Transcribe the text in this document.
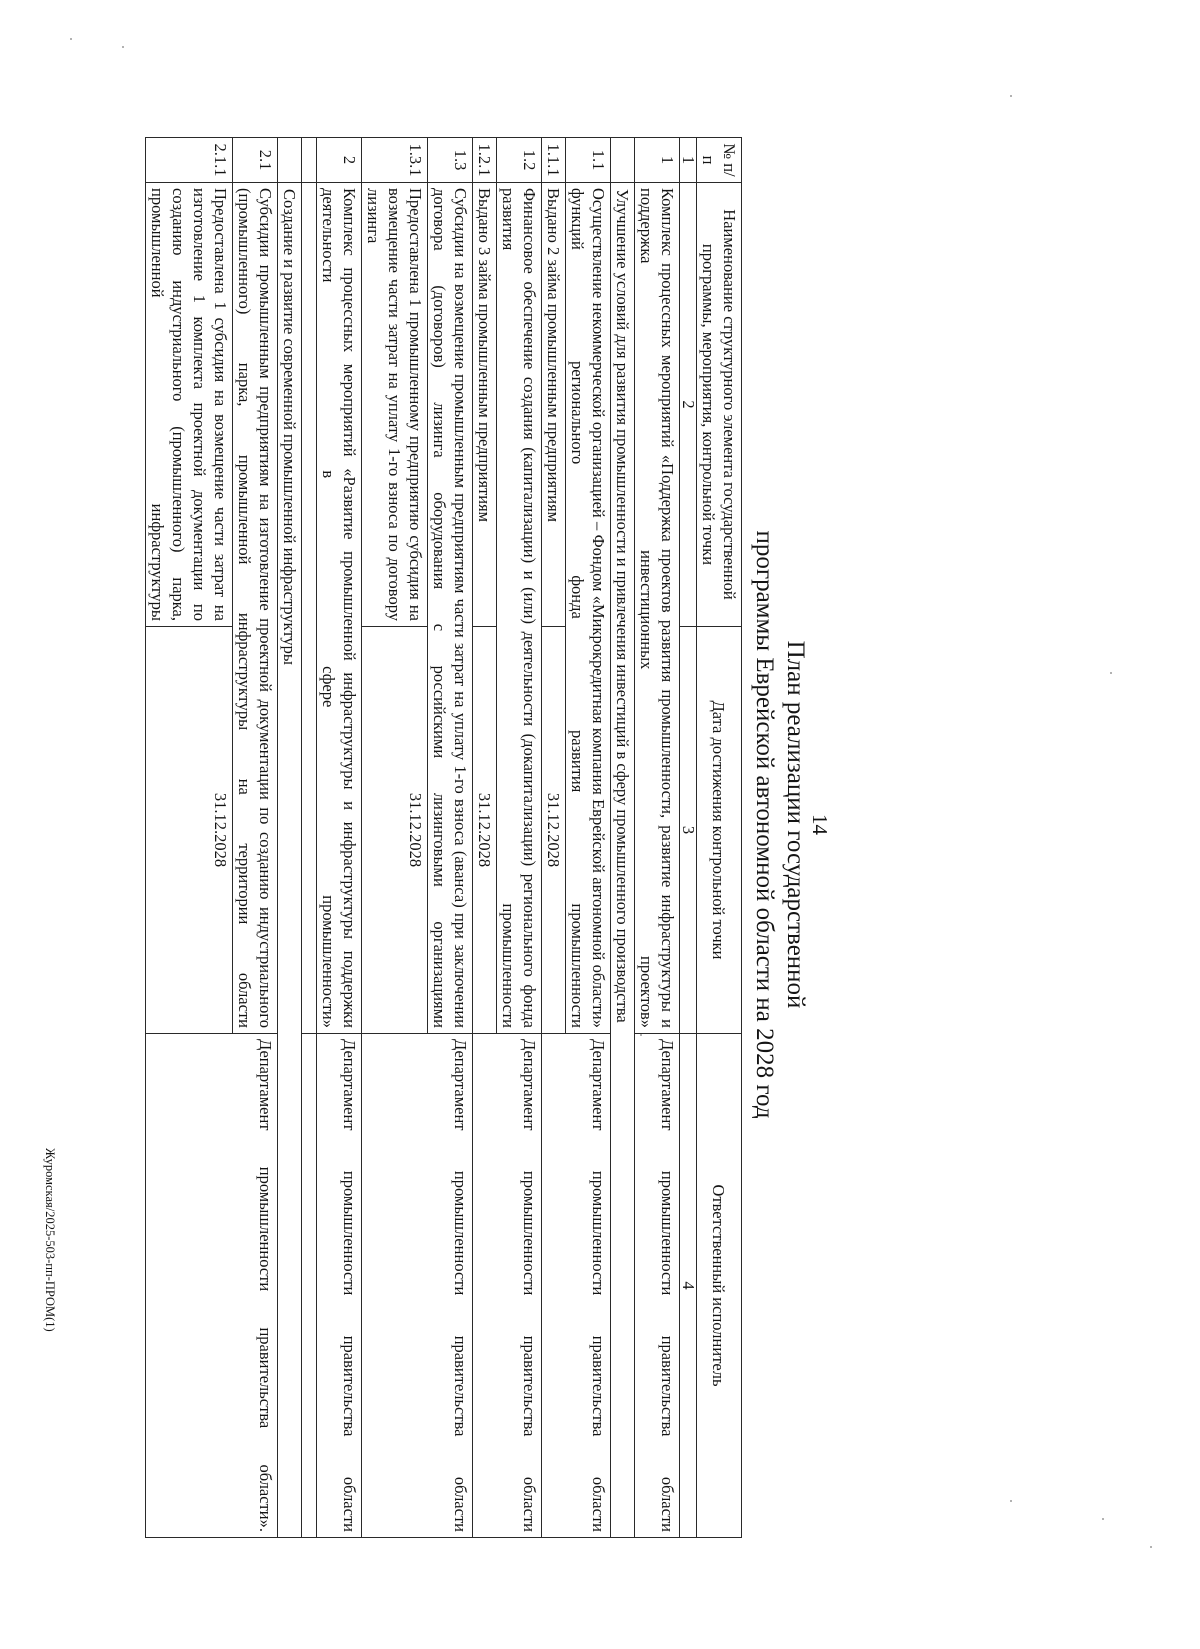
14
План реализации государственной
программы Еврейской автономной области на 2028 год
№ п/п	Наименование структурного элемента государственной программы, мероприятия, контрольной точки	Дата достижения контрольной точки	Ответственный исполнитель
1	2	3	4
1	Комплекс процессных мероприятий «Поддержка проектов развития промышленности, развитие инфраструктуры и поддержка инвестиционных проектов»		Департамент промышленности правительства области
	Улучшение условий для развития промышленности и привлечения инвестиций в сферу промышленного производства		
1.1	Осуществление некоммерческой организацией – Фондом «Микрокредитная компания Еврейской автономной области» функций регионального фонда развития промышленности		Департамент промышленности правительства области
1.1.1	Выдано 2 займа промышленным предприятиям	31.12.2028	
1.2	Финансовое обеспечение создания (капитализации) и (или) деятельности (докапитализации) регионального фонда развития промышленности		Департамент промышленности правительства области
1.2.1	Выдано 3 займа промышленным предприятиям	31.12.2028	
1.3	Субсидии на возмещение промышленным предприятиям части затрат на уплату 1-го взноса (аванса) при заключении договора (договоров) лизинга оборудования с российскими лизинговыми организациями		Департамент промышленности правительства области
1.3.1	Предоставлена 1 промышленному предприятию субсидия на возмещение части затрат на уплату 1-го взноса по договору лизинга	31.12.2028	
2	Комплекс процессных мероприятий «Развитие промышленной инфраструктуры и инфраструктуры поддержки деятельности в сфере промышленности»		Департамент промышленности правительства области

	Создание и развитие современной промышленной инфраструктуры		
2.1	Субсидии промышленным предприятиям на изготовление проектной документации по созданию индустриального (промышленного) парка, промышленной инфраструктуры на территории области		Департамент промышленности правительства области».
2.1.1	Предоставлена 1 субсидия на возмещение части затрат на изготовление 1 комплекта проектной документации по созданию индустриального (промышленного) парка, промышленной инфраструктуры	31.12.2028	
Журомская/2025-503-пп-ПРОМ(1)
